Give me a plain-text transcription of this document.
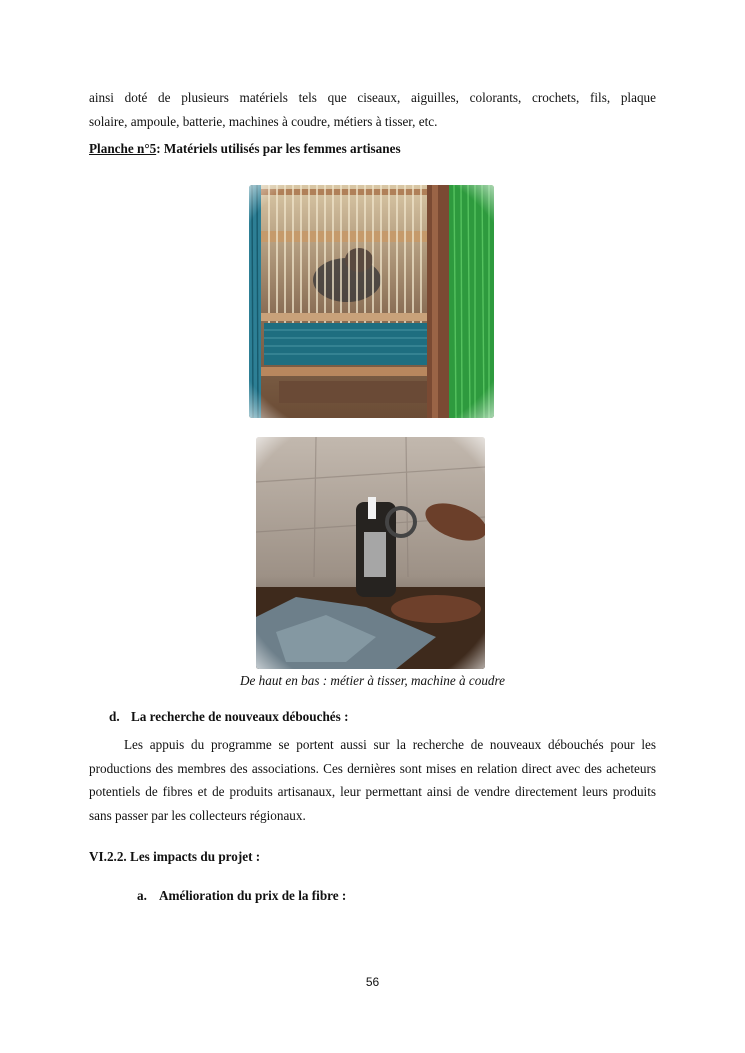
ainsi doté de plusieurs matériels tels que ciseaux, aiguilles, colorants, crochets, fils, plaque

solaire, ampoule, batterie, machines à coudre, métiers à tisser, etc.

Planche n°5: Matériels utilisés par les femmes artisanes
De haut en bas : métier à tisser, machine à coudre
d. La recherche de nouveaux débouchés :

Les appuis du programme se portent aussi sur la recherche de nouveaux débouchés pour les productions des membres des associations. Ces dernières sont mises en relation direct avec des acheteurs potentiels de fibres et de produits artisanaux, leur permettant ainsi de vendre directement leurs produits sans passer par les collecteurs régionaux.

VI.2.2. Les impacts du projet :
a. Amélioration du prix de la fibre :
56
